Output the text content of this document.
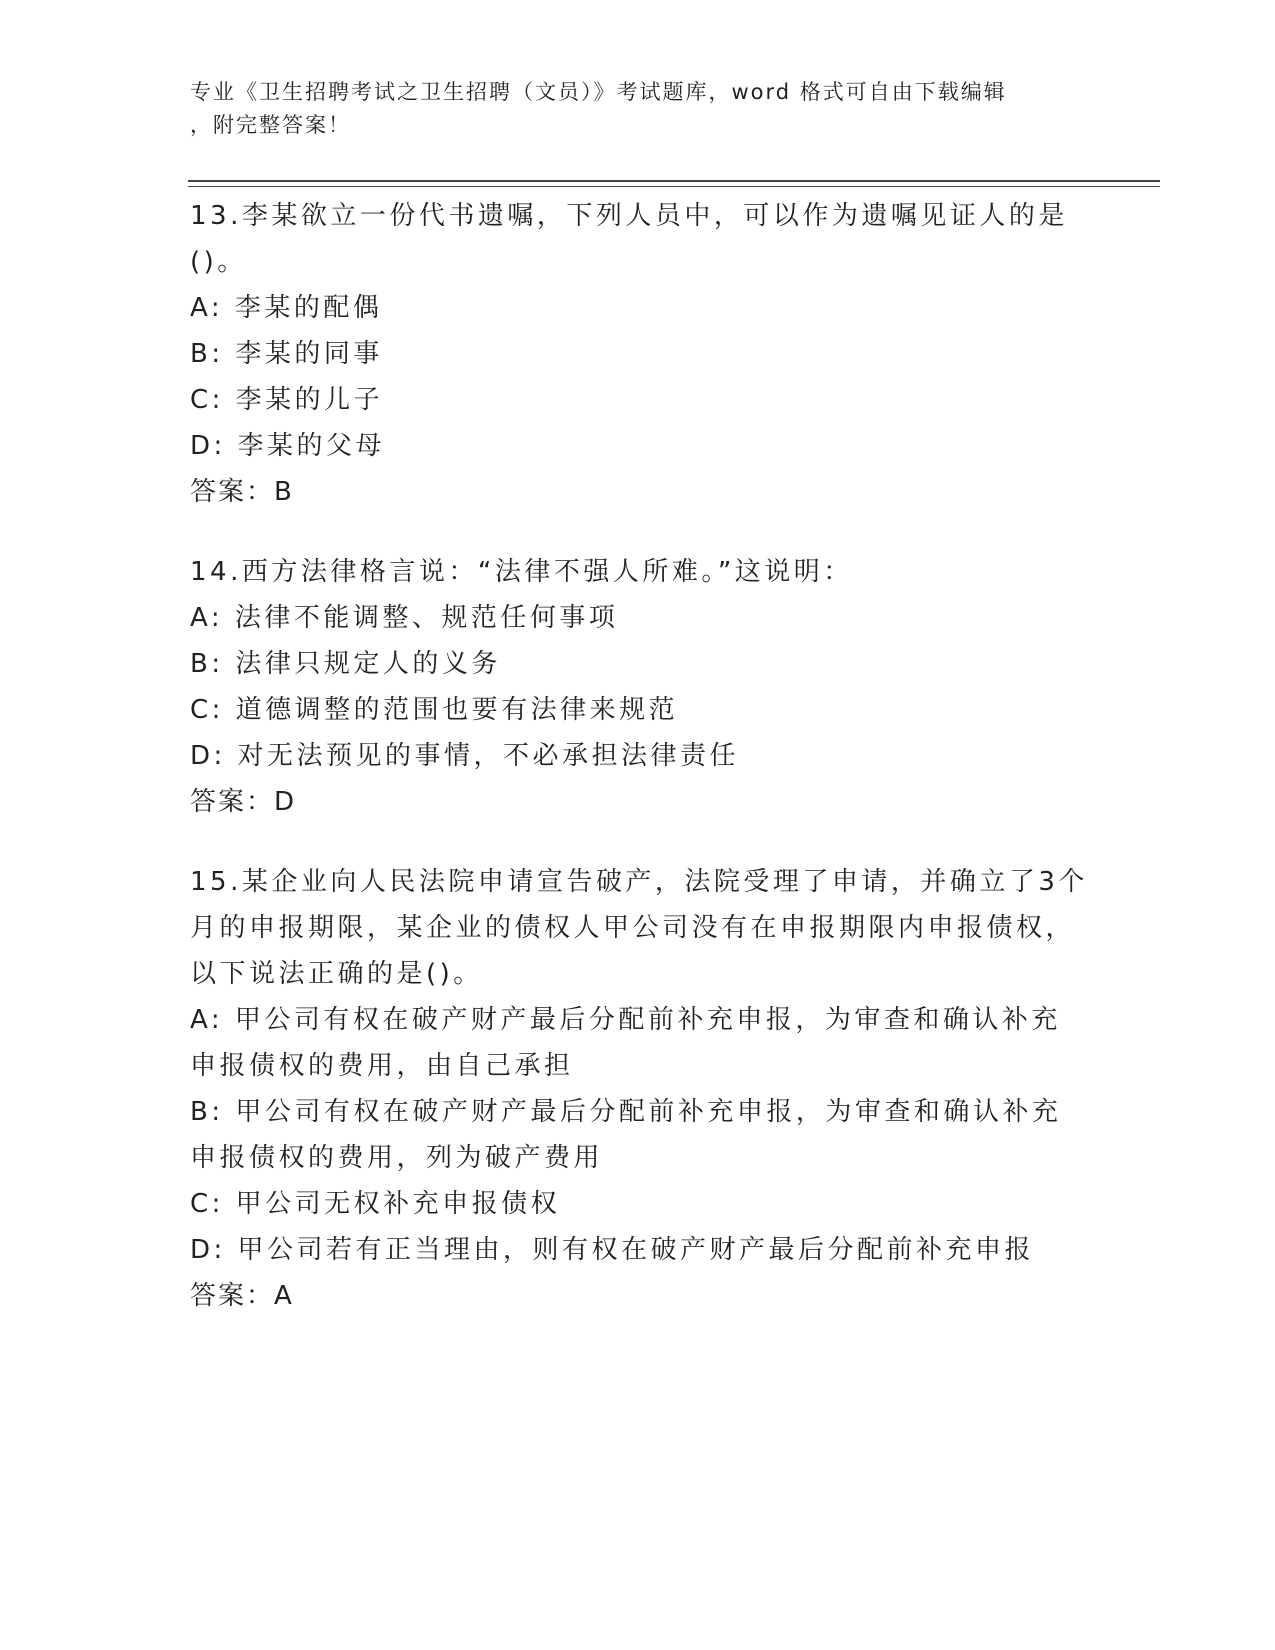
专业《卫生招聘考试之卫生招聘（文员）》考试题库，word 格式可自由下载编辑
，附完整答案！
13.李某欲立一份代书遗嘱，下列人员中，可以作为遗嘱见证人的是()。
A: 李某的配偶
B: 李某的同事
C: 李某的儿子
D: 李某的父母
答案：B
14.西方法律格言说：“法律不强人所难。”这说明：
A: 法律不能调整、规范任何事项
B: 法律只规定人的义务
C: 道德调整的范围也要有法律来规范
D: 对无法预见的事情，不必承担法律责任
答案：D
15.某企业向人民法院申请宣告破产，法院受理了申请，并确立了3个月的申报期限，某企业的债权人甲公司没有在申报期限内申报债权，以下说法正确的是()。
A: 甲公司有权在破产财产最后分配前补充申报，为审查和确认补充申报债权的费用，由自己承担
B: 甲公司有权在破产财产最后分配前补充申报，为审查和确认补充申报债权的费用，列为破产费用
C: 甲公司无权补充申报债权
D: 甲公司若有正当理由，则有权在破产财产最后分配前补充申报
答案：A
